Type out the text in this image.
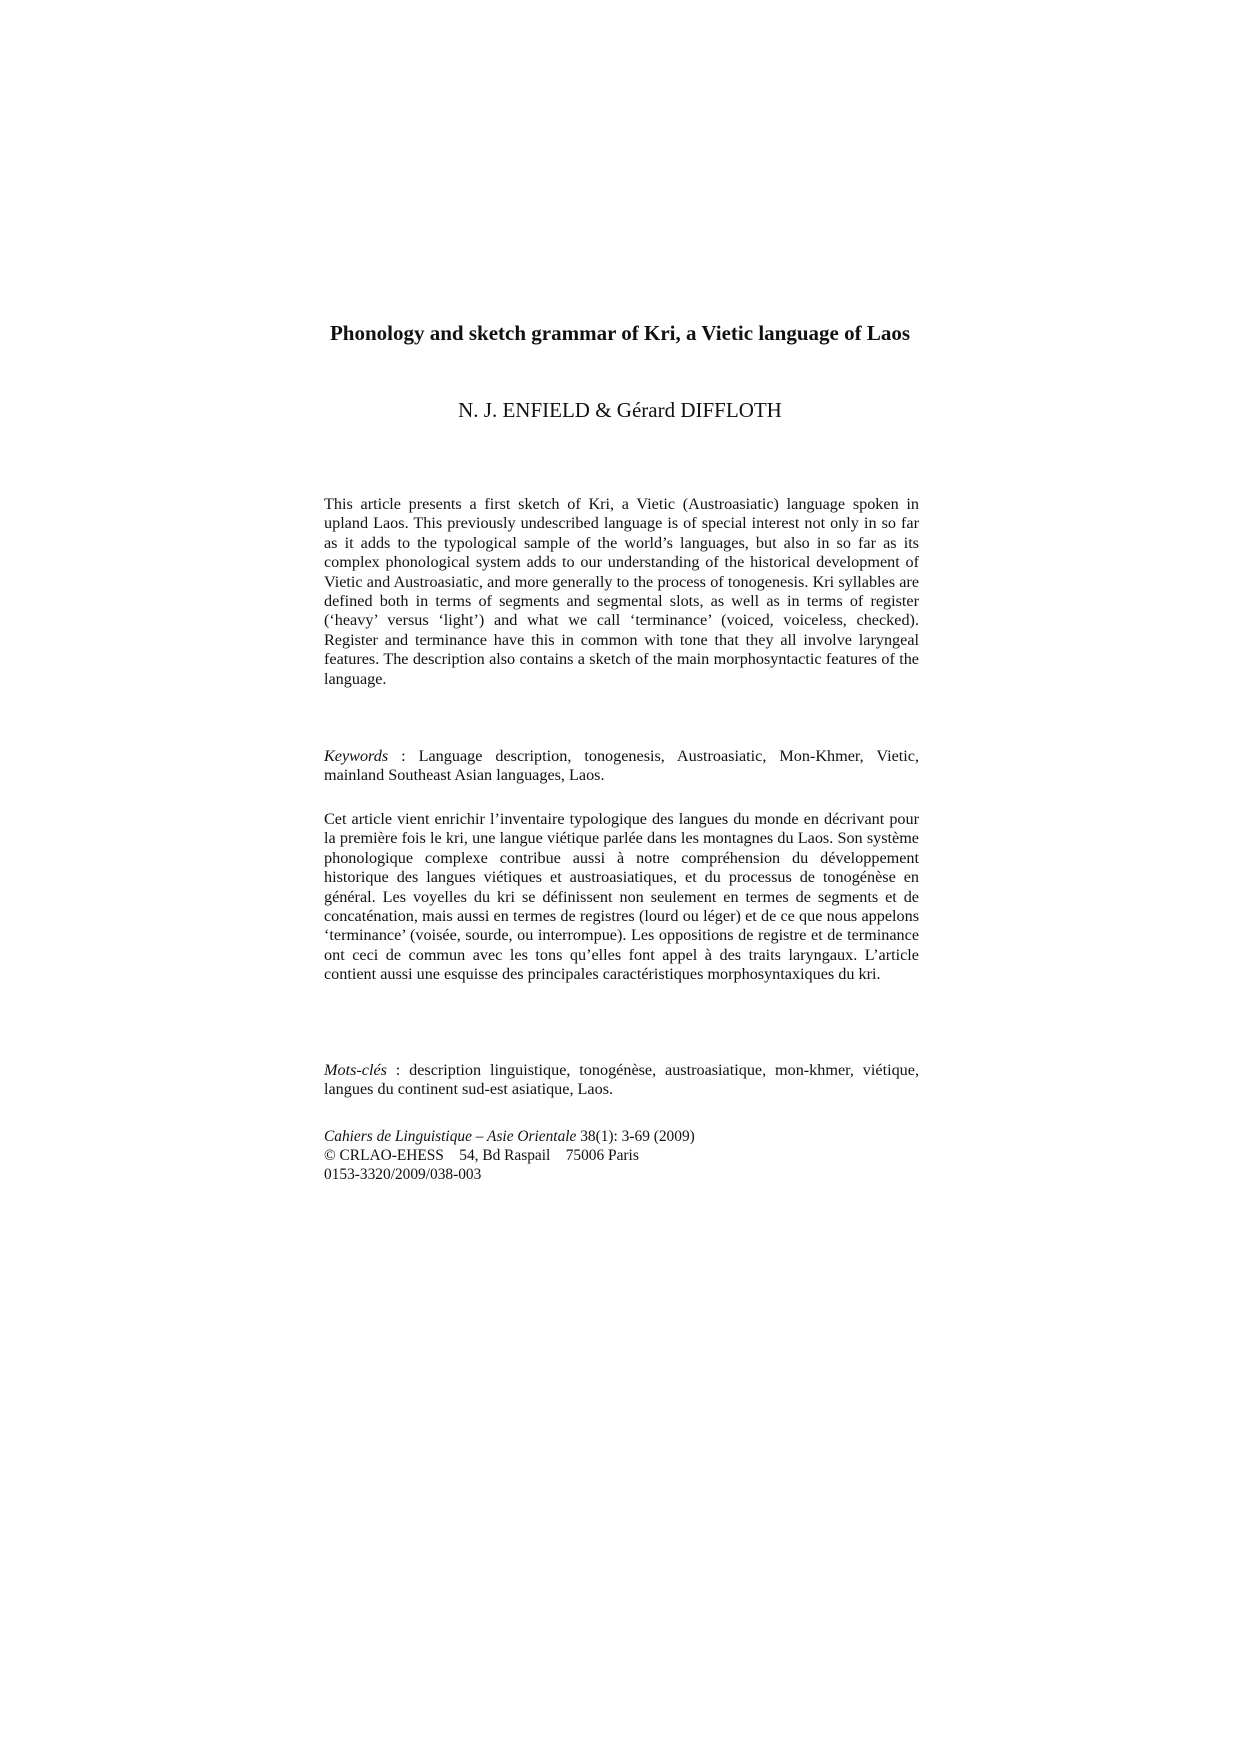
Phonology and sketch grammar of Kri, a Vietic language of Laos

N. J. ENFIELD & Gérard DIFFLOTH

This article presents a first sketch of Kri, a Vietic (Austroasiatic) language spoken in upland Laos. This previously undescribed language is of special interest not only in so far as it adds to the typological sample of the world’s languages, but also in so far as its complex phonological system adds to our understanding of the historical development of Vietic and Austroasiatic, and more generally to the process of tonogenesis. Kri syllables are defined both in terms of segments and segmental slots, as well as in terms of register (‘heavy’ versus ‘light’) and what we call ‘terminance’ (voiced, voiceless, checked). Register and terminance have this in common with tone that they all involve laryngeal features. The description also contains a sketch of the main morphosyntactic features of the language.

Keywords : Language description, tonogenesis, Austroasiatic, Mon-Khmer, Vietic, mainland Southeast Asian languages, Laos.

Cet article vient enrichir l’inventaire typologique des langues du monde en décrivant pour la première fois le kri, une langue viétique parlée dans les montagnes du Laos. Son système phonologique complexe contribue aussi à notre compréhension du développement historique des langues viétiques et austroasiatiques, et du processus de tonogénèse en général. Les voyelles du kri se définissent non seulement en termes de segments et de concaténation, mais aussi en termes de registres (lourd ou léger) et de ce que nous appelons ‘terminance’ (voisée, sourde, ou interrompue). Les oppositions de registre et de terminance ont ceci de commun avec les tons qu’elles font appel à des traits laryngaux. L’article contient aussi une esquisse des principales caractéristiques morphosyntaxiques du kri.

Mots-clés : description linguistique, tonogénèse, austroasiatique, mon-khmer, viétique, langues du continent sud-est asiatique, Laos.

Cahiers de Linguistique – Asie Orientale 38(1): 3-69 (2009)
© CRLAO-EHESS    54, Bd Raspail    75006 Paris
0153-3320/2009/038-003
